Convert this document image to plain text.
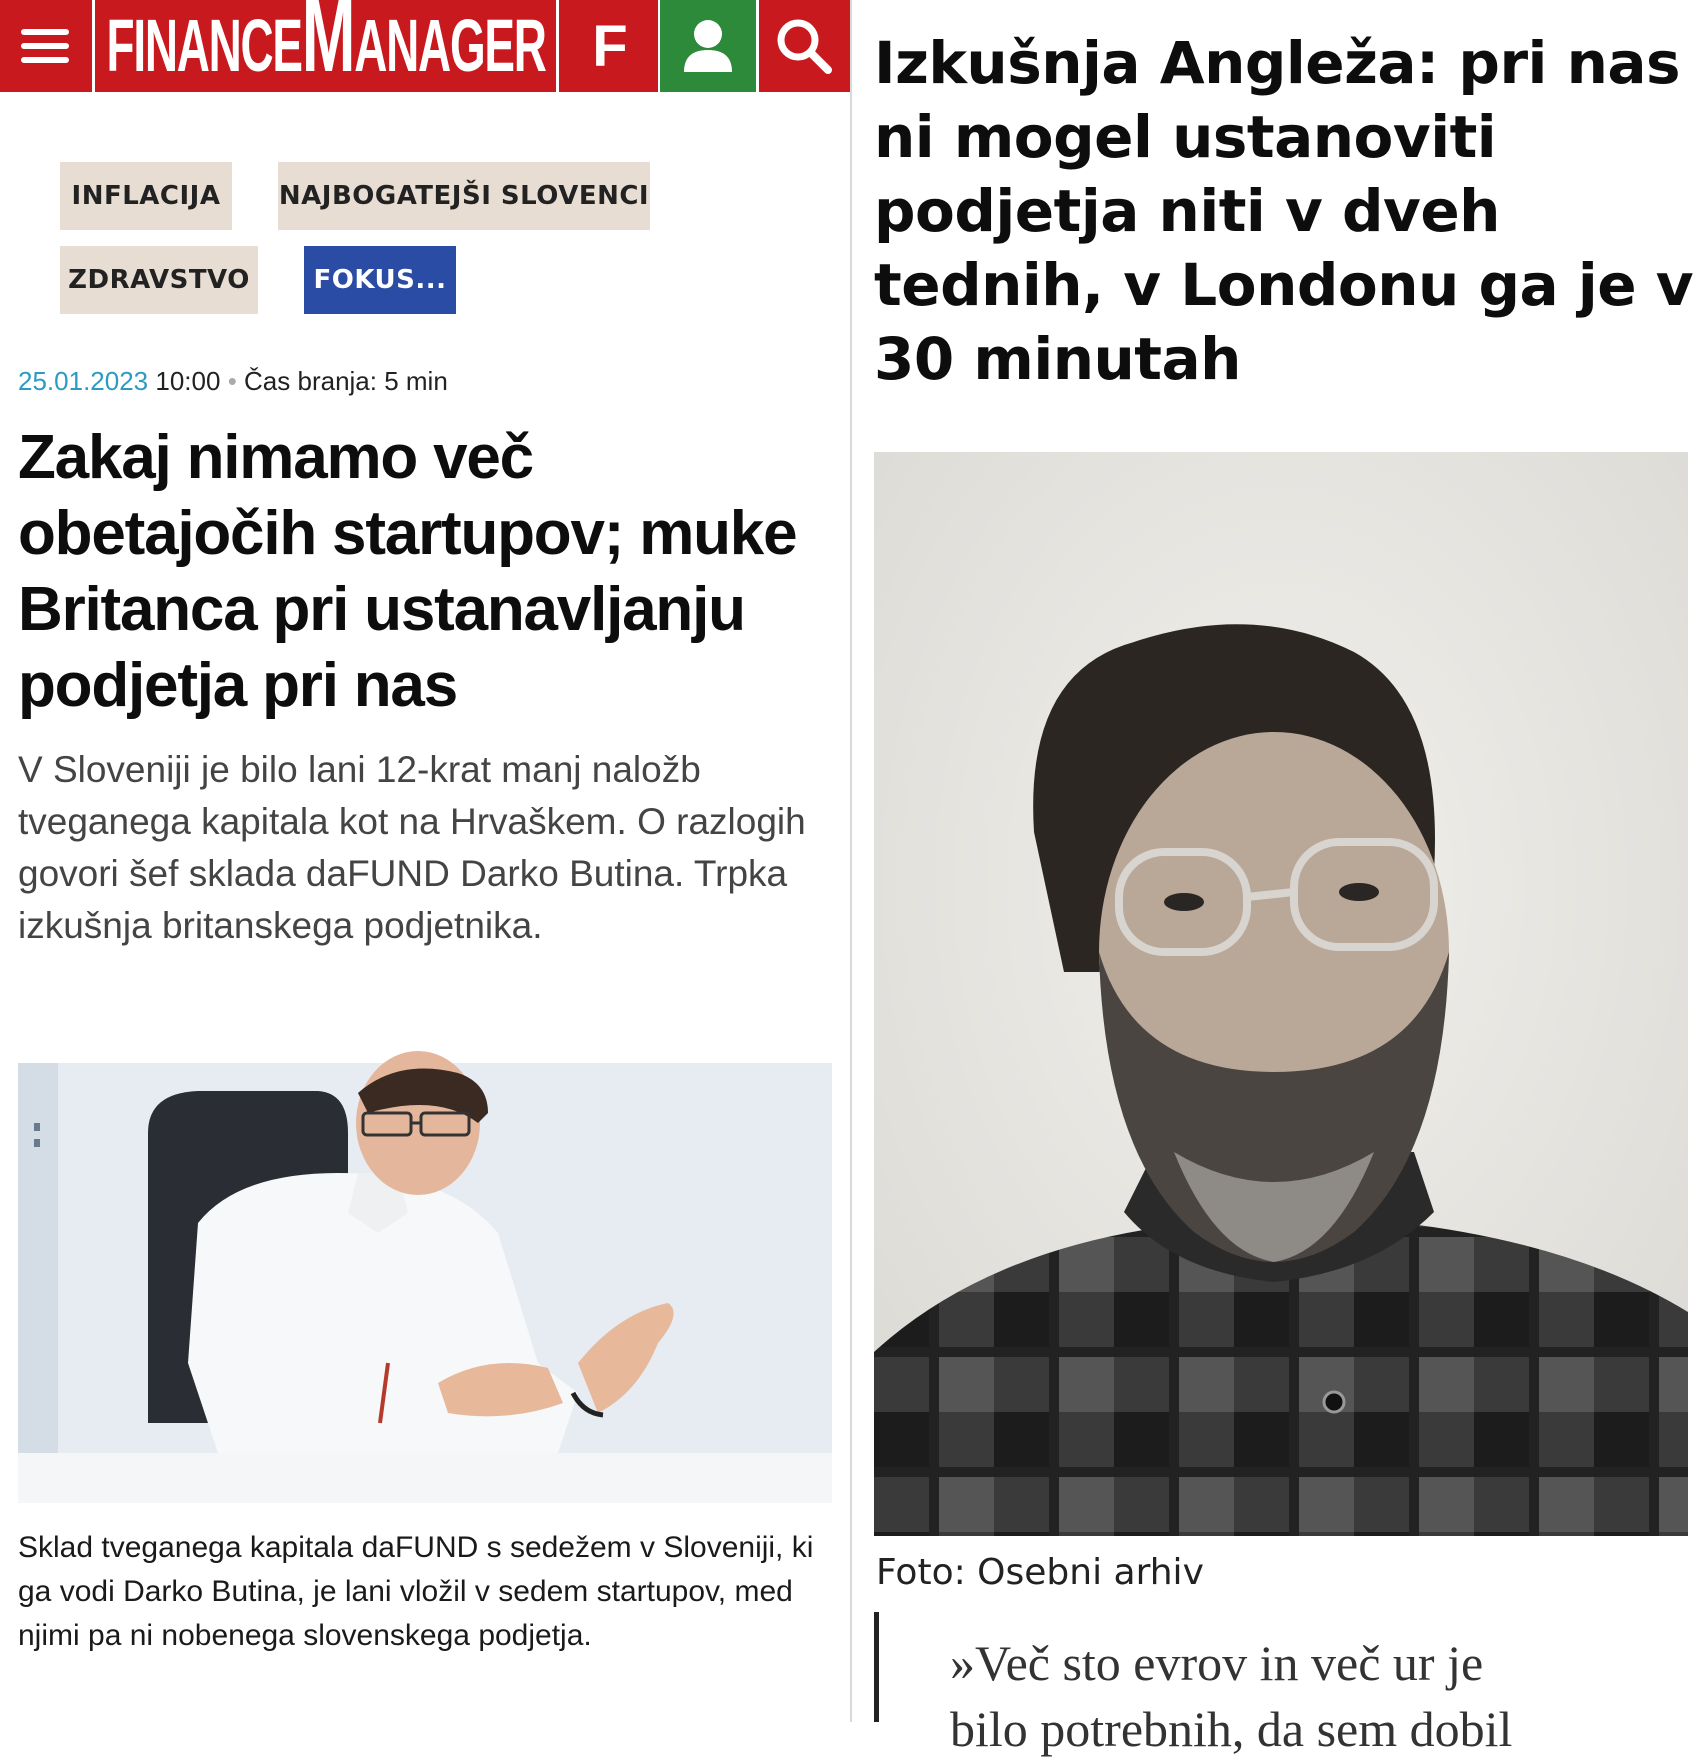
FINANCEMANAGER F
INFLACIJA	NAJBOGATEJŠI SLOVENCI
ZDRAVSTVO	FOKUS...
25.01.2023 10:00 • Čas branja: 5 min
Zakaj nimamo več obetajočih startupov; muke Britanca pri ustanavljanju podjetja pri nas

V Sloveniji je bilo lani 12-krat manj naložb tveganega kapitala kot na Hrvaškem. O razlogih govori šef sklada daFUND Darko Butina. Trpka izkušnja britanskega podjetnika.

Sklad tveganega kapitala daFUND s sedežem v Sloveniji, ki ga vodi Darko Butina, je lani vložil v sedem startupov, med njimi pa ni nobenega slovenskega podjetja.

Izkušnja Angleža: pri nas ni mogel ustanoviti podjetja niti v dveh tednih, v Londonu ga je v 30 minutah
Foto: Osebni arhiv
»Več sto evrov in več ur je
bilo potrebnih, da sem dobil
